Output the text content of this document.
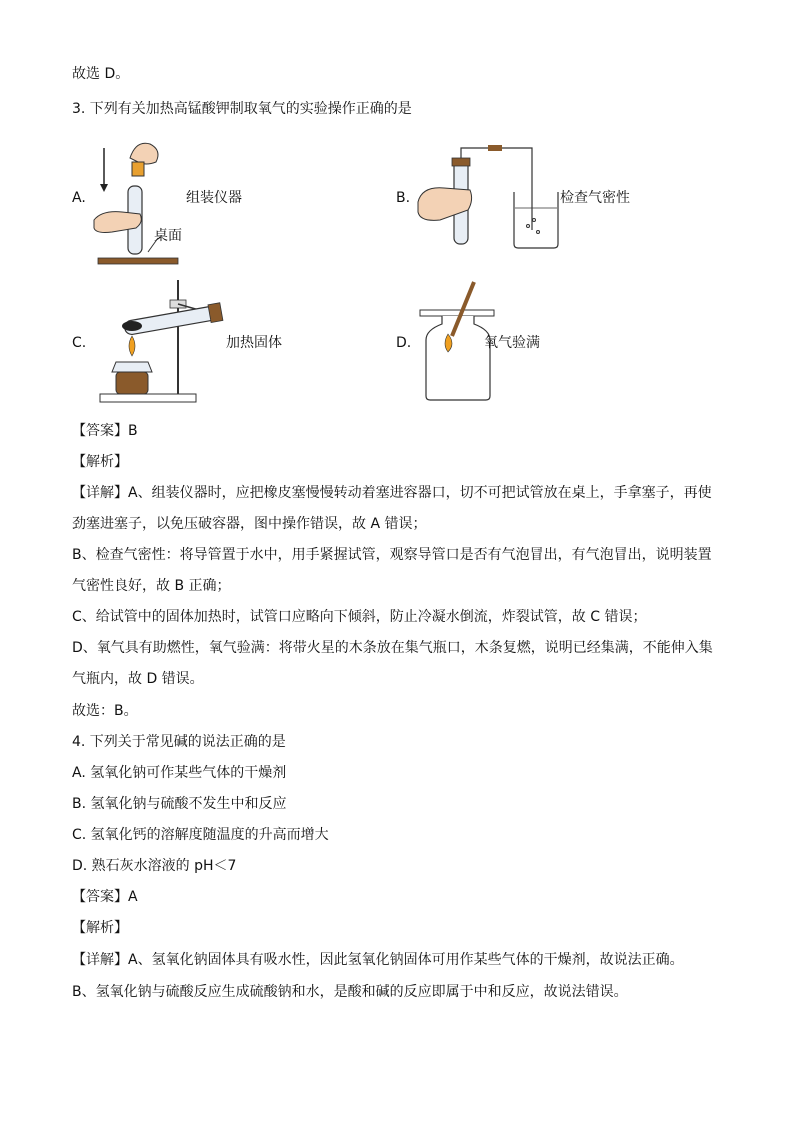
故选 D。

3. 下列有关加热高锰酸钾制取氧气的实验操作正确的是

A.	组装仪器

桌面

B.	检查气密性

C.	加热固体	D.	氧气验满

【答案】B

【解析】

【详解】A、组装仪器时，应把橡皮塞慢慢转动着塞进容器口，切不可把试管放在桌上，手拿塞子，再使

劲塞进塞子，以免压破容器，图中操作错误，故 A 错误；

B、检查气密性：将导管置于水中，用手紧握试管，观察导管口是否有气泡冒出，有气泡冒出，说明装置

气密性良好，故 B 正确；

C、给试管中的固体加热时，试管口应略向下倾斜，防止冷凝水倒流，炸裂试管，故 C 错误；

D、氧气具有助燃性，氧气验满：将带火星的木条放在集气瓶口，木条复燃，说明已经集满，不能伸入集

气瓶内，故 D 错误。

故选：B。

4. 下列关于常见碱的说法正确的是

A. 氢氧化钠可作某些气体的干燥剂

B. 氢氧化钠与硫酸不发生中和反应

C. 氢氧化钙的溶解度随温度的升高而增大

D. 熟石灰水溶液的 pH＜7

【答案】A

【解析】

【详解】A、氢氧化钠固体具有吸水性，因此氢氧化钠固体可用作某些气体的干燥剂，故说法正确。

B、氢氧化钠与硫酸反应生成硫酸钠和水，是酸和碱的反应即属于中和反应，故说法错误。
